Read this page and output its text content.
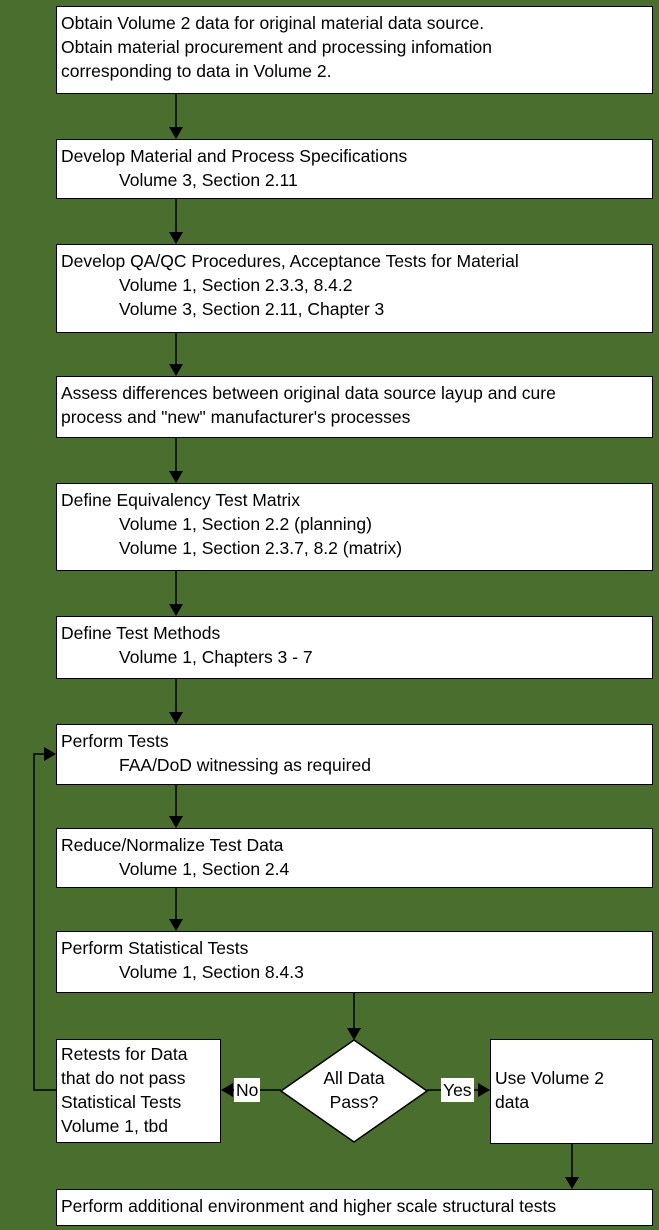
Obtain Volume 2 data for original material data source.
Obtain material procurement and processing infomation
corresponding to data in Volume 2.
Develop Material and Process Specifications
Volume 3, Section 2.11
Develop QA/QC Procedures, Acceptance Tests for Material
Volume 1, Section 2.3.3, 8.4.2
Volume 3, Section 2.11, Chapter 3
Assess differences between original data source layup and cure
process and "new" manufacturer's processes
Define Equivalency Test Matrix
Volume 1, Section 2.2 (planning)
Volume 1, Section 2.3.7, 8.2 (matrix)
Define Test Methods
Volume 1, Chapters 3 - 7
Perform Tests
FAA/DoD witnessing as required
Reduce/Normalize Test Data
Volume 1, Section 2.4
Perform Statistical Tests
Volume 1, Section 8.4.3
Retests for Data
that do not pass
Statistical Tests
Volume 1, tbd
All Data
Pass?
No	Yes
Use Volume 2
data
Perform additional environment and higher scale structural tests
